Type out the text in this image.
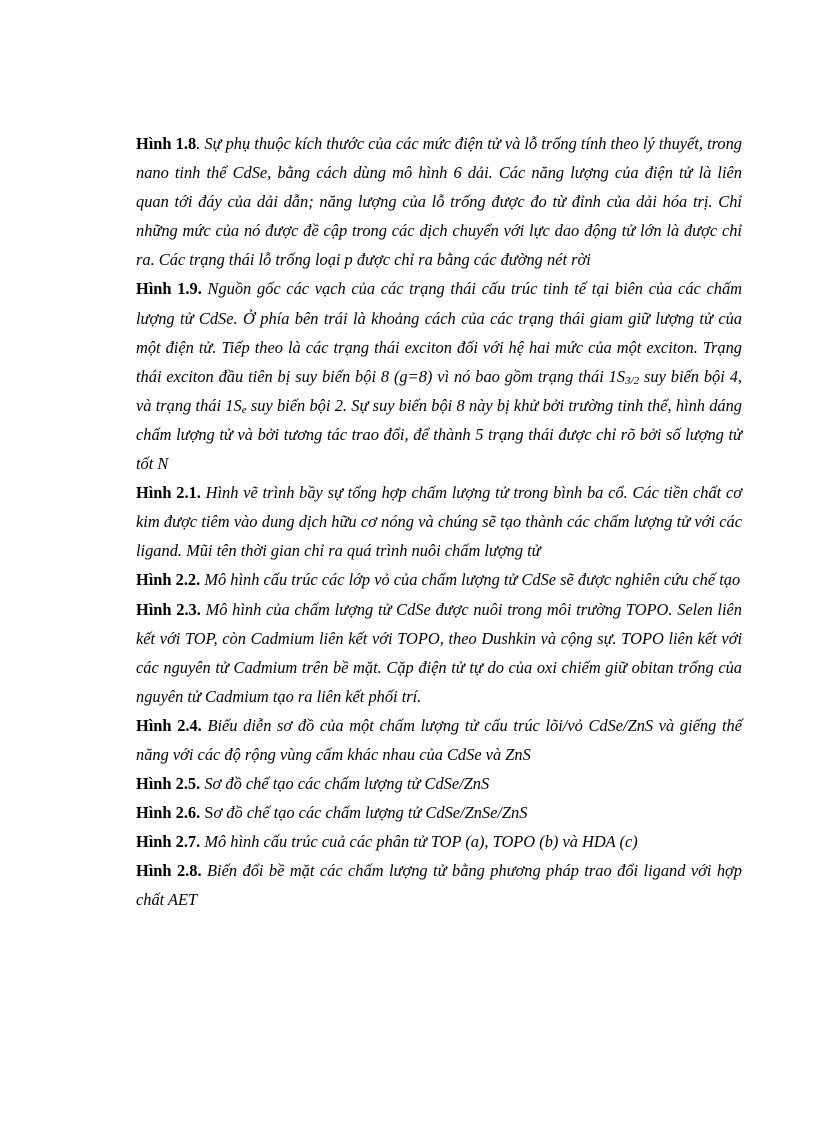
Hình 1.8. Sự phụ thuộc kích thước của các mức điện tử và lỗ trống tính theo lý thuyết, trong nano tinh thể CdSe, bằng cách dùng mô hình 6 dải. Các năng lượng của điện tử là liên quan tới đáy của dải dẫn; năng lượng của lỗ trống được đo từ đỉnh của dải hóa trị. Chỉ những mức của nó được đề cập trong các dịch chuyển với lực dao động tử lớn là được chỉ ra. Các trạng thái lỗ trống loại p được chỉ ra bằng các đường nét rời

Hình 1.9. Nguồn gốc các vạch của các trạng thái cấu trúc tinh tế tại biên của các chấm lượng tử CdSe. Ở phía bên trái là khoảng cách của các trạng thái giam giữ lượng tử của một điện tử. Tiếp theo là các trạng thái exciton đối với hệ hai mức của một exciton. Trạng thái exciton đầu tiên bị suy biến bội 8 (g=8) vì nó bao gồm trạng thái $1S_{3/2}$ suy biến bội 4, và trạng thái $1S_e$ suy biến bội 2. Sự suy biến bội 8 này bị khử bởi trường tinh thể, hình dáng chấm lượng tử và bởi tương tác trao đổi, để thành 5 trạng thái được chỉ rõ bởi số lượng tử tốt N

Hình 2.1. Hình vẽ trình bầy sự tổng hợp chấm lượng tử trong bình ba cổ. Các tiền chất cơ kim được tiêm vào dung dịch hữu cơ nóng và chúng sẽ tạo thành các chấm lượng tử với các ligand. Mũi tên thời gian chỉ ra quá trình nuôi chấm lượng tử

Hình 2.2. Mô hình cấu trúc các lớp vỏ của chấm lượng tử CdSe sẽ được nghiên cứu chế tạo

Hình 2.3. Mô hình của chấm lượng tử CdSe được nuôi trong môi trường TOPO. Selen liên kết với TOP, còn Cadmium liên kết với TOPO, theo Dushkin và cộng sự. TOPO liên kết với các nguyên tử Cadmium trên bề mặt. Cặp điện tử tự do của oxi chiếm giữ obitan trống của nguyên tử Cadmium tạo ra liên kết phối trí.

Hình 2.4. Biểu diễn sơ đồ của một chấm lượng tử cấu trúc lõi/vỏ CdSe/ZnS và giếng thế năng với các độ rộng vùng cấm khác nhau của CdSe và ZnS

Hình 2.5. Sơ đồ chế tạo các chấm lượng tử CdSe/ZnS

Hình 2.6. Sơ đồ chế tạo các chấm lượng tử CdSe/ZnSe/ZnS

Hình 2.7. Mô hình cấu trúc cuả các phân tử TOP (a), TOPO (b) và HDA (c)

Hình 2.8. Biến đổi bề mặt các chấm lượng tử bằng phương pháp trao đổi ligand với hợp chất AET
